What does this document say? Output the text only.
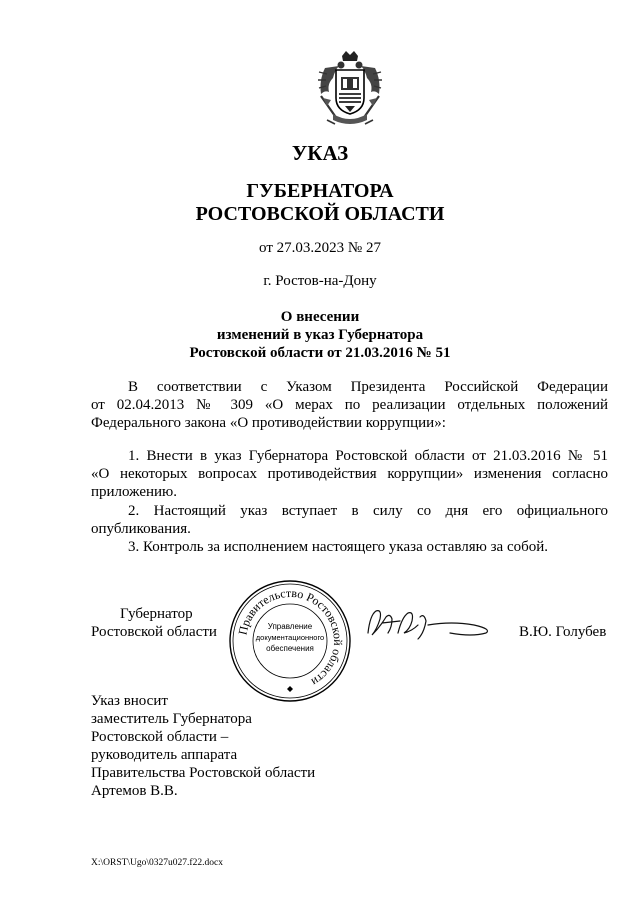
УКАЗ
ГУБЕРНАТОРА
РОСТОВСКОЙ ОБЛАСТИ
от 27.03.2023 № 27
г. Ростов-на-Дону
О внесении
изменений в указ Губернатора
Ростовской области от 21.03.2016 № 51
В соответствии с Указом Президента Российской Федерации
от 02.04.2013 № 309 «О мерах по реализации отдельных положений
Федерального закона «О противодействии коррупции»:
1. Внести в указ Губернатора Ростовской области от 21.03.2016 № 51
«О некоторых вопросах противодействия коррупции» изменения согласно
приложению.
2. Настоящий указ вступает в силу со дня его официального
опубликования.
3. Контроль за исполнением настоящего указа оставляю за собой.
Губернатор
Ростовской области Правительство Ростовской области
Управление
документационного
обеспечения
В.Ю. Голубев
Указ вносит
заместитель Губернатора
Ростовской области –
руководитель аппарата
Правительства Ростовской области
Артемов В.В.
X:\ORST\Ugo\0327u027.f22.docx
